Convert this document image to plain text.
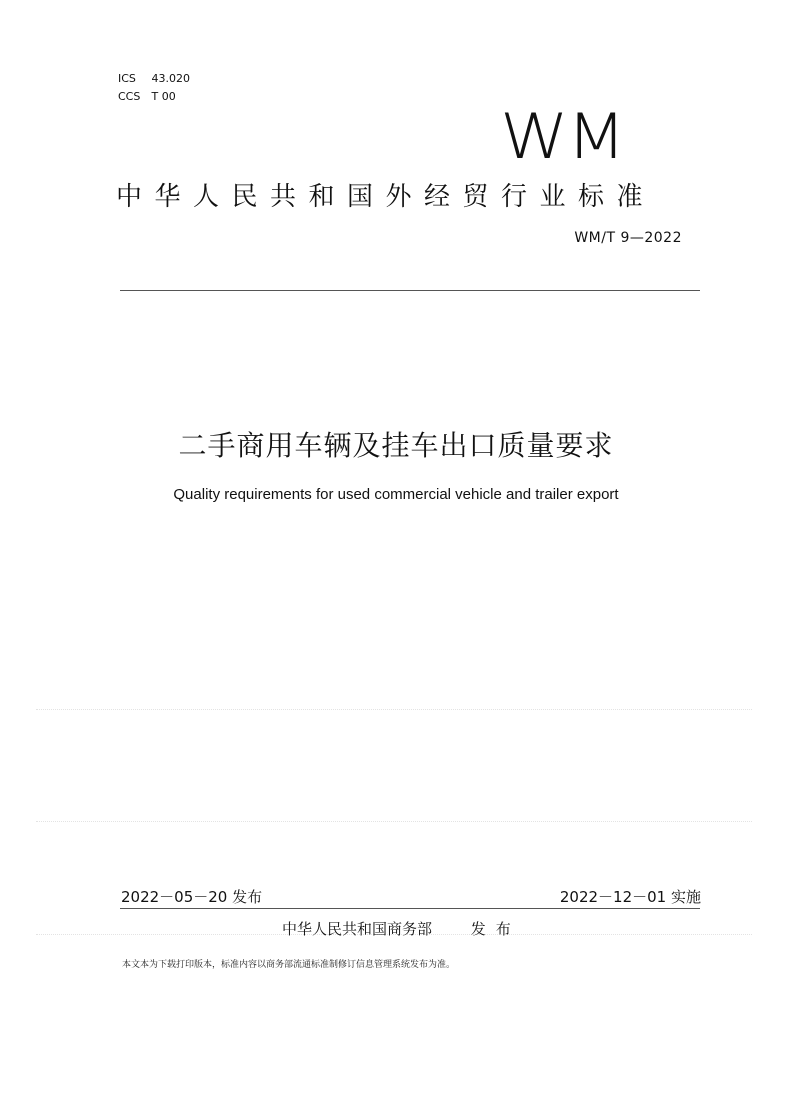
ICS 43.020
CCS T 00
WM
中华人民共和国外经贸行业标准
WM/T 9—2022
二手商用车辆及挂车出口质量要求
Quality requirements for used commercial vehicle and trailer export
2022－05－20 发布	2022－12－01 实施
中华人民共和国商务部	发布
本文本为下载打印版本，标准内容以商务部流通标准制修订信息管理系统发布为准。
